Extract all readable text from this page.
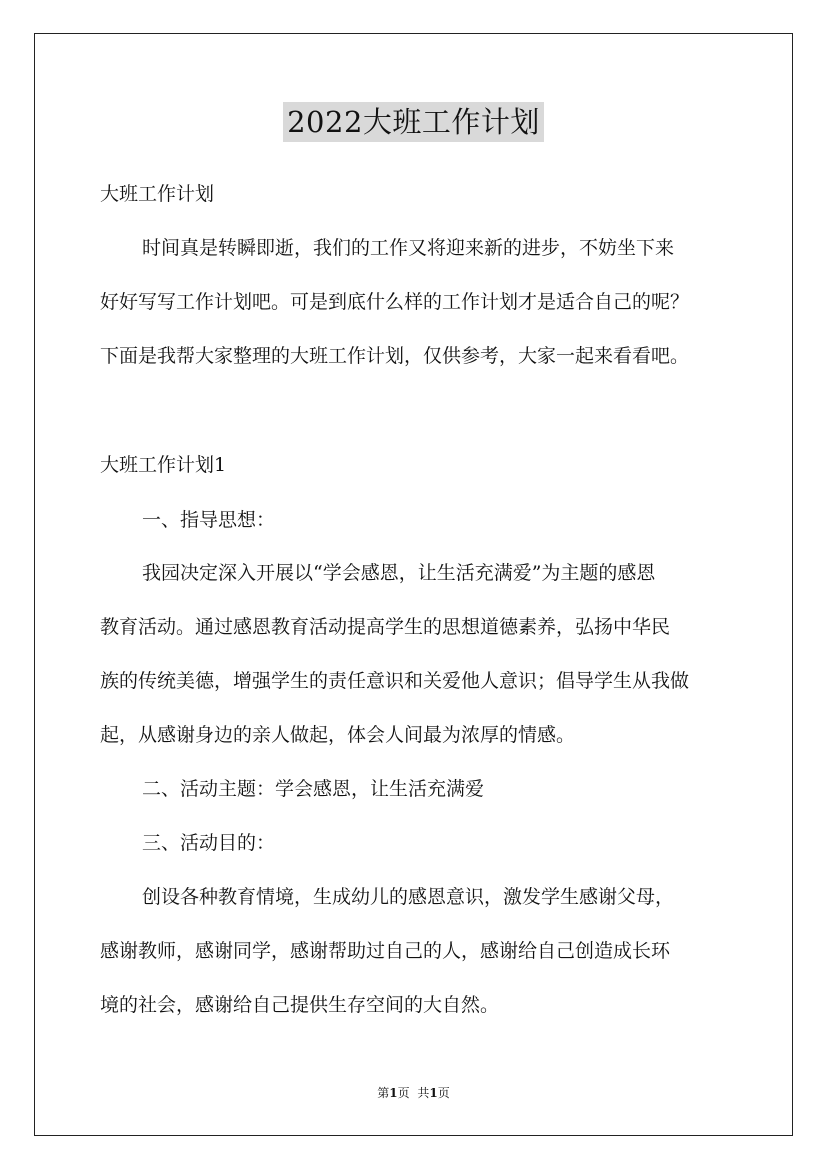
2022大班工作计划
大班工作计划
时间真是转瞬即逝，我们的工作又将迎来新的进步，不妨坐下来
好好写写工作计划吧。可是到底什么样的工作计划才是适合自己的呢？
下面是我帮大家整理的大班工作计划，仅供参考，大家一起来看看吧。
大班工作计划1
一、指导思想：
我园决定深入开展以“学会感恩，让生活充满爱”为主题的感恩
教育活动。通过感恩教育活动提高学生的思想道德素养，弘扬中华民
族的传统美德，增强学生的责任意识和关爱他人意识；倡导学生从我做
起，从感谢身边的亲人做起，体会人间最为浓厚的情感。
二、活动主题：学会感恩，让生活充满爱
三、活动目的：
创设各种教育情境，生成幼儿的感恩意识，激发学生感谢父母，
感谢教师，感谢同学，感谢帮助过自己的人，感谢给自己创造成长环
境的社会，感谢给自己提供生存空间的大自然。
第1页 共1页
